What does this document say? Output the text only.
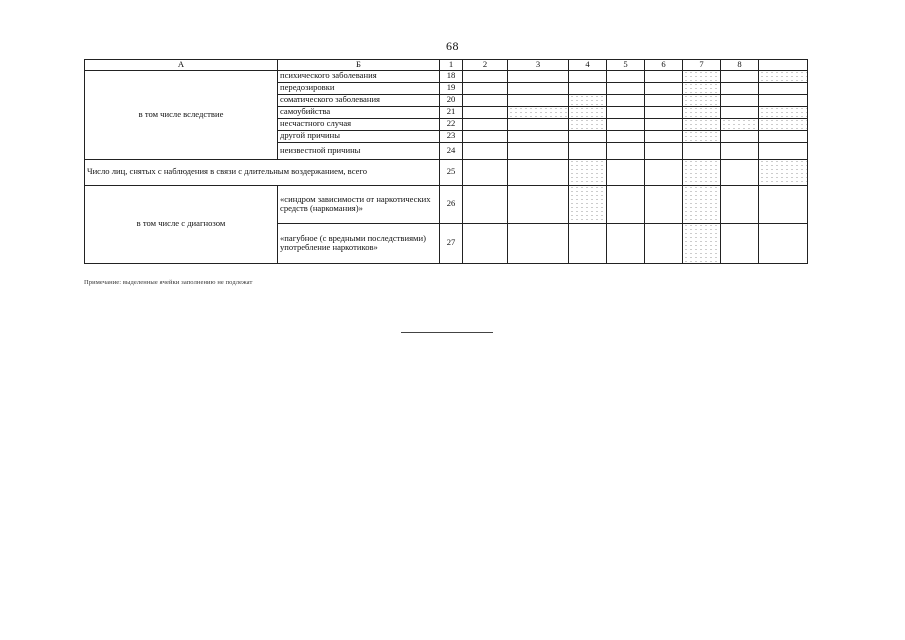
68
А	Б	1	2	3	4	5	6	7	8	
в том числе вследствие	психического заболевания	18								
	передозировки	19								
	соматического заболевания	20								
	самоубийства	21								
	несчастного случая	22								
	другой причины	23								
	неизвестной причины	24								
Число лиц, снятых с наблюдения в связи с длительным воздержанием, всего		25								
в том числе с диагнозом	«синдром зависимости от наркотических средств (наркомания)»	26								
	«пагубное (с вредными последствиями) употребление наркотиков»	27								
Примечание: выделенные ячейки заполнению не подлежат
